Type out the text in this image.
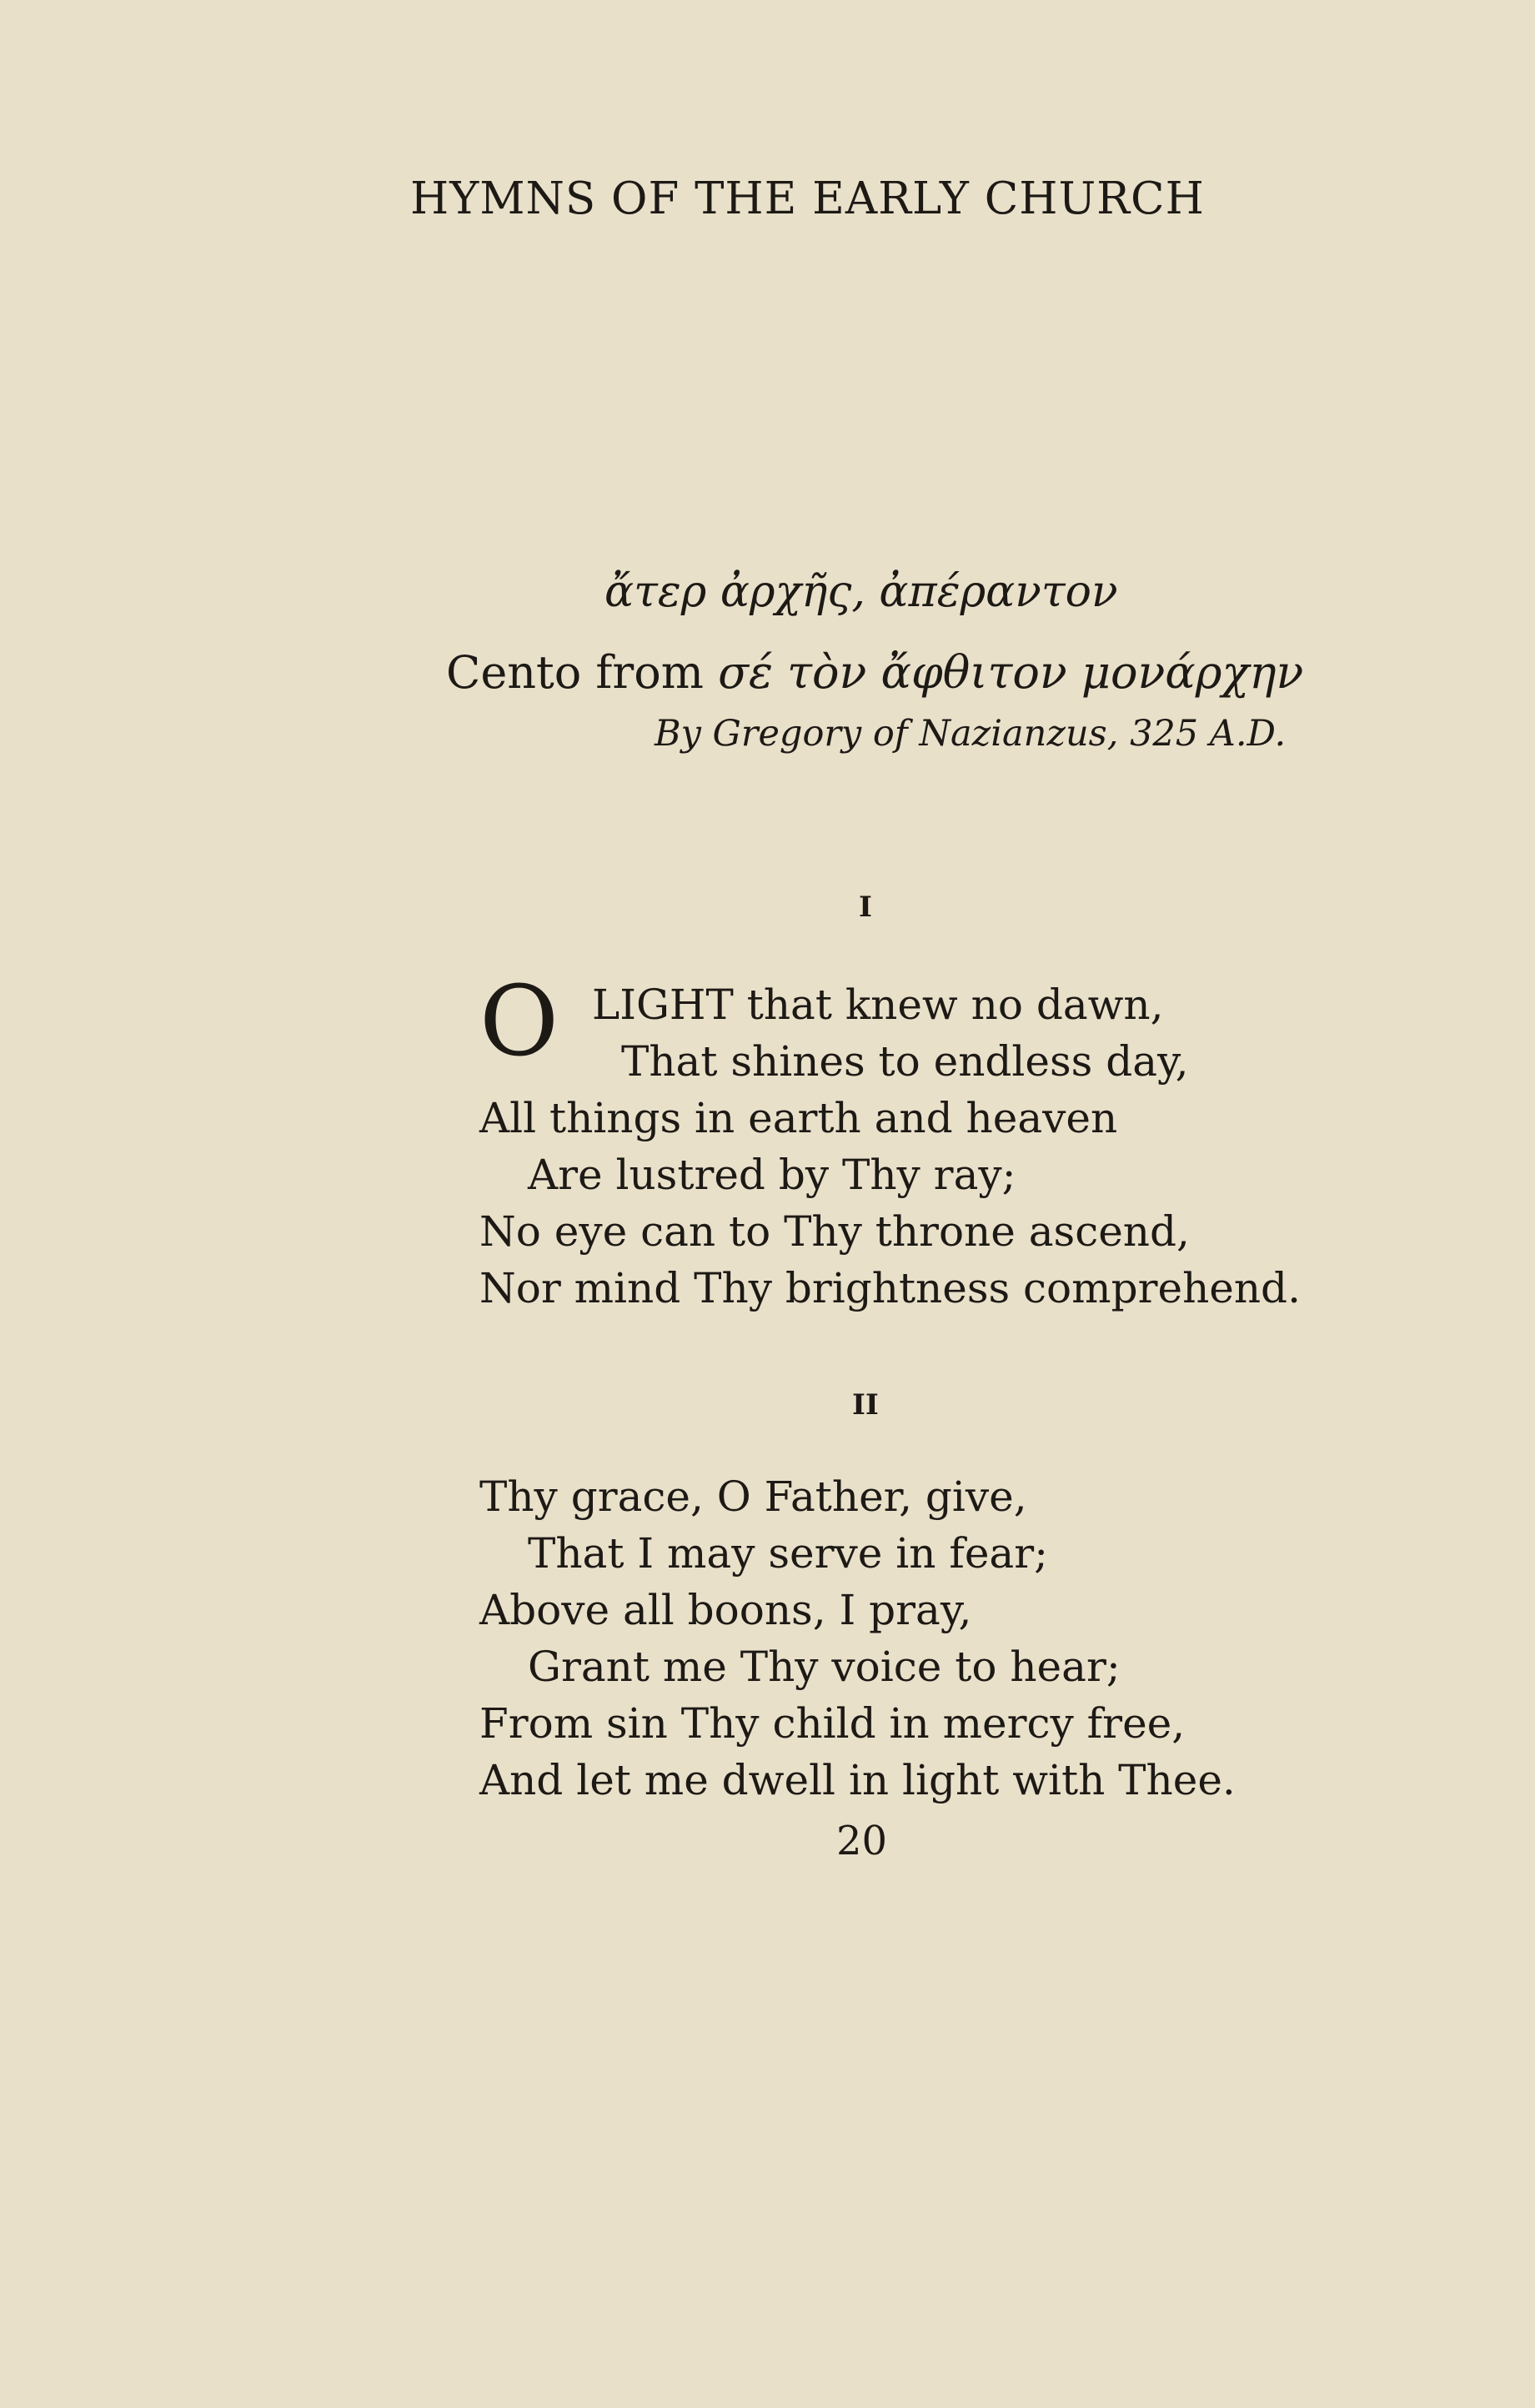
HYMNS OF THE EARLY CHURCH
ἄτερ ἀρχῆς, ἀπέραντον
Cento from σέ τὸν ἄφθιτον μονάρχην
By Gregory of Nazianzus, 325 A.D.
I
O LIGHT that knew no dawn,
That shines to endless day,
All things in earth and heaven
Are lustred by Thy ray;
No eye can to Thy throne ascend,
Nor mind Thy brightness comprehend.
II
Thy grace, O Father, give,
That I may serve in fear;
Above all boons, I pray,
Grant me Thy voice to hear;
From sin Thy child in mercy free,
And let me dwell in light with Thee.
20
